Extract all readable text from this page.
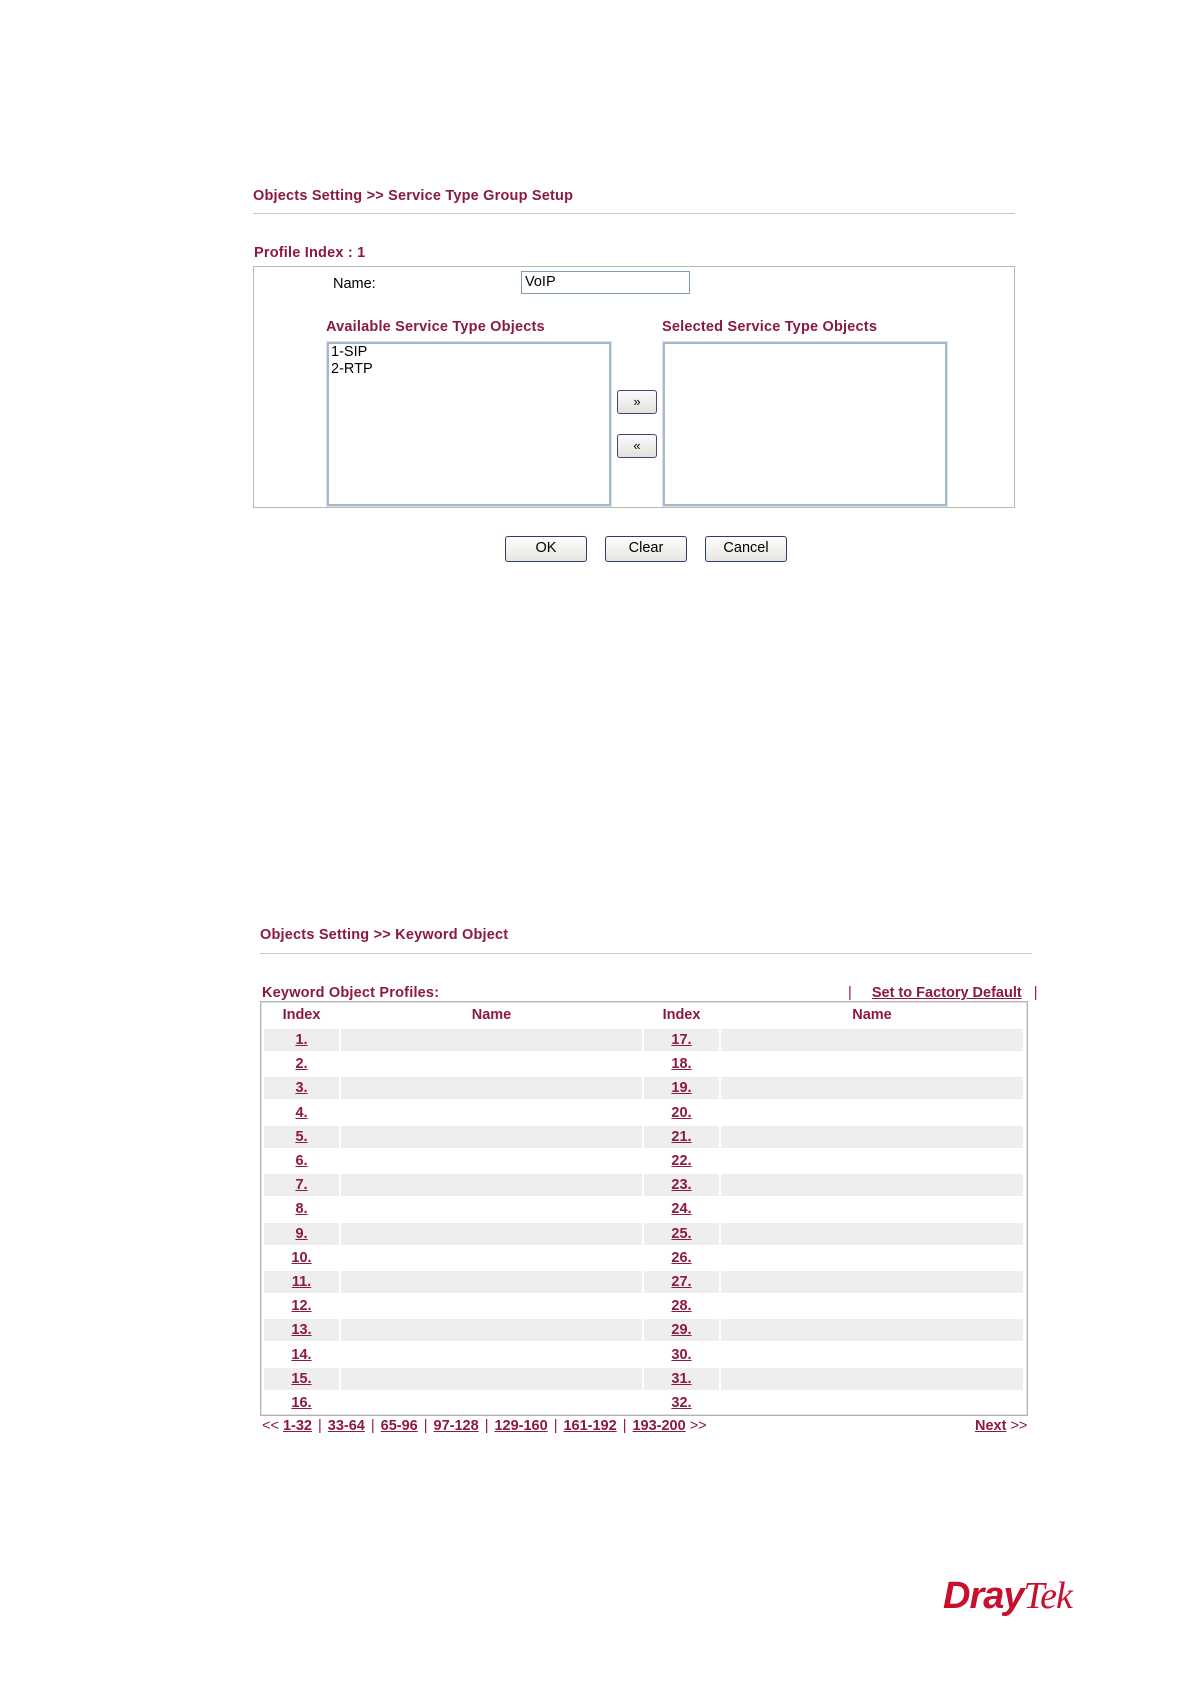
Objects Setting >> Service Type Group Setup
Profile Index : 1
Name:	VoIP
Available Service Type Objects	Selected Service Type Objects
1-SIP
2-RTP
»
«
OK	Clear	Cancel
Objects Setting >> Keyword Object
Keyword Object Profiles:	| Set to Factory Default |
Index	Name	Index	Name
1.	17.
2.	18.
3.	19.
4.	20.
5.	21.
6.	22.
7.	23.
8.	24.
9.	25.
10.	26.
11.	27.
12.	28.
13.	29.
14.	30.
15.	31.
16.	32.
<< 1-32 | 33-64 | 65-96 | 97-128 | 129-160 | 161-192 | 193-200 >>	Next >>
DrayTek
